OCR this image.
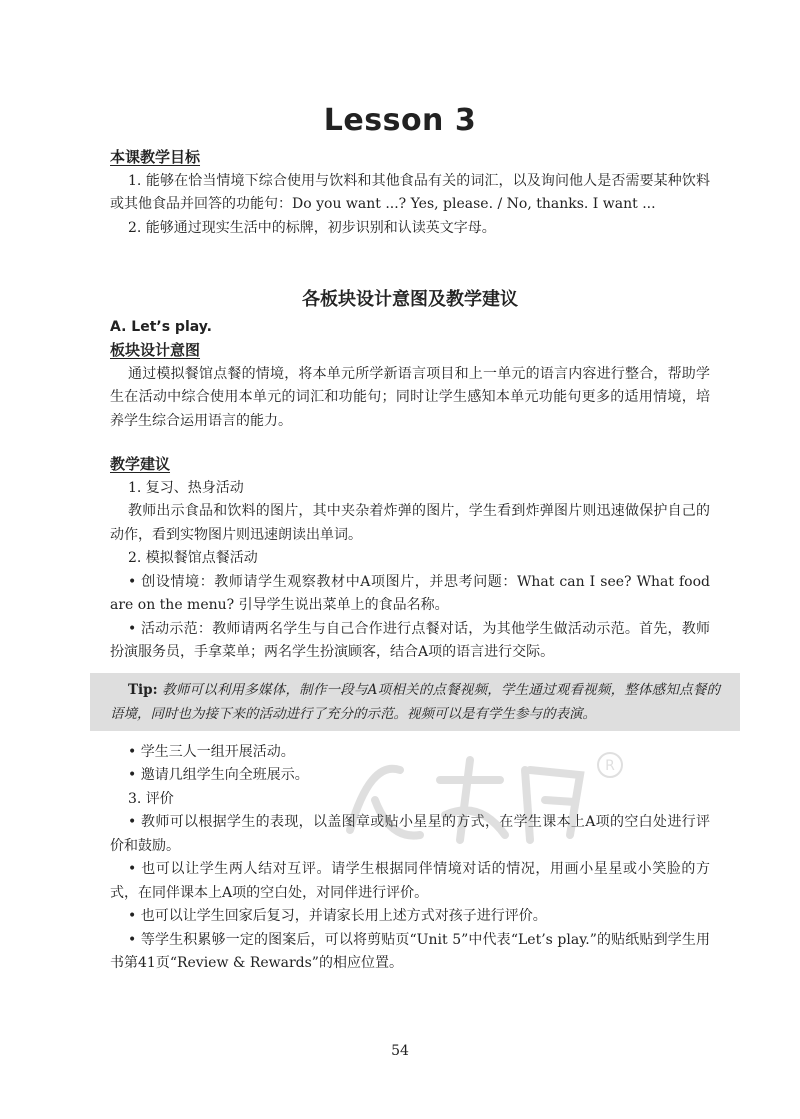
Lesson 3

本课教学目标

1. 能够在恰当情境下综合使用与饮料和其他食品有关的词汇，以及询问他人是否需要某种饮料或其他食品并回答的功能句：Do you want ...? Yes, please. / No, thanks. I want ...

2. 能够通过现实生活中的标牌，初步识别和认读英文字母。

各板块设计意图及教学建议

A. Let’s play.

板块设计意图

通过模拟餐馆点餐的情境，将本单元所学新语言项目和上一单元的语言内容进行整合，帮助学生在活动中综合使用本单元的词汇和功能句；同时让学生感知本单元功能句更多的适用情境，培养学生综合运用语言的能力。

教学建议

1. 复习、热身活动

教师出示食品和饮料的图片，其中夹杂着炸弹的图片，学生看到炸弹图片则迅速做保护自己的动作，看到实物图片则迅速朗读出单词。

2. 模拟餐馆点餐活动

• 创设情境：教师请学生观察教材中A项图片，并思考问题：What can I see? What food are on the menu? 引导学生说出菜单上的食品名称。

• 活动示范：教师请两名学生与自己合作进行点餐对话，为其他学生做活动示范。首先，教师扮演服务员，手拿菜单；两名学生扮演顾客，结合A项的语言进行交际。

Tip: 教师可以利用多媒体，制作一段与A项相关的点餐视频，学生通过观看视频，整体感知点餐的语境，同时也为接下来的活动进行了充分的示范。视频可以是有学生参与的表演。

• 学生三人一组开展活动。

• 邀请几组学生向全班展示。

3. 评价

• 教师可以根据学生的表现，以盖图章或贴小星星的方式，在学生课本上A项的空白处进行评价和鼓励。

• 也可以让学生两人结对互评。请学生根据同伴情境对话的情况，用画小星星或小笑脸的方式，在同伴课本上A项的空白处，对同伴进行评价。

• 也可以让学生回家后复习，并请家长用上述方式对孩子进行评价。

• 等学生积累够一定的图案后，可以将剪贴页“Unit 5”中代表“Let’s play.”的贴纸贴到学生用书第41页“Review & Rewards”的相应位置。

R
54
